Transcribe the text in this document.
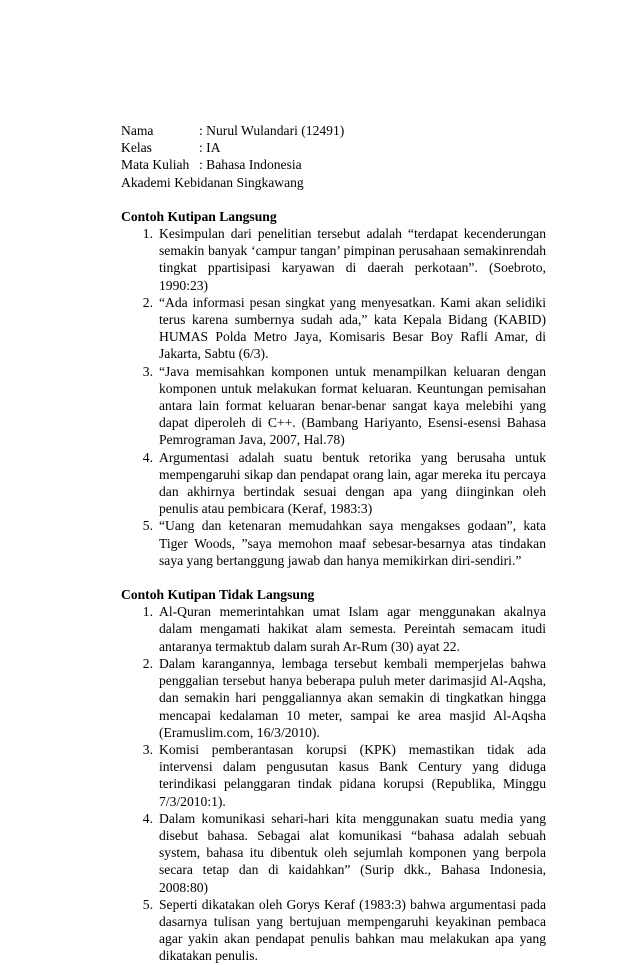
Nama	: Nurul Wulandari (12491)
Kelas	: IA
Mata Kuliah : Bahasa Indonesia
Akademi Kebidanan Singkawang
Contoh Kutipan Langsung
1. Kesimpulan dari penelitian tersebut adalah “terdapat kecenderungan semakin banyak ‘campur tangan’ pimpinan perusahaan semakinrendah tingkat ppartisipasi karyawan di daerah perkotaan”. (Soebroto, 1990:23)
2. “Ada informasi pesan singkat yang menyesatkan. Kami akan selidiki terus karena sumbernya sudah ada,” kata Kepala Bidang (KABID) HUMAS Polda Metro Jaya, Komisaris Besar Boy Rafli Amar, di Jakarta, Sabtu (6/3).
3. “Java memisahkan komponen untuk menampilkan keluaran dengan komponen untuk melakukan format keluaran. Keuntungan pemisahan antara lain format keluaran benar-benar sangat kaya melebihi yang dapat diperoleh di C++. (Bambang Hariyanto, Esensi-esensi Bahasa Pemrograman Java, 2007, Hal.78)
4. Argumentasi adalah suatu bentuk retorika yang berusaha untuk mempengaruhi sikap dan pendapat orang lain, agar mereka itu percaya dan akhirnya bertindak sesuai dengan apa yang diinginkan oleh penulis atau pembicara (Keraf, 1983:3)
5. “Uang dan ketenaran memudahkan saya mengakses godaan”, kata Tiger Woods, ”saya memohon maaf sebesar-besarnya atas tindakan saya yang bertanggung jawab dan hanya memikirkan diri-sendiri.”
Contoh Kutipan Tidak Langsung
1. Al-Quran memerintahkan umat Islam agar menggunakan akalnya dalam mengamati hakikat alam semesta. Pereintah semacam itudi antaranya termaktub dalam surah Ar-Rum (30) ayat 22.
2. Dalam karangannya, lembaga tersebut kembali memperjelas bahwa penggalian tersebut hanya beberapa puluh meter darimasjid Al-Aqsha, dan semakin hari penggaliannya akan semakin di tingkatkan hingga mencapai kedalaman 10 meter, sampai ke area masjid Al-Aqsha (Eramuslim.com, 16/3/2010).
3. Komisi pemberantasan korupsi (KPK) memastikan tidak ada intervensi dalam pengusutan kasus Bank Century yang diduga terindikasi pelanggaran tindak pidana korupsi (Republika, Minggu 7/3/2010:1).
4. Dalam komunikasi sehari-hari kita menggunakan suatu media yang disebut bahasa. Sebagai alat komunikasi “bahasa adalah sebuah system, bahasa itu dibentuk oleh sejumlah komponen yang berpola secara tetap dan di kaidahkan” (Surip dkk., Bahasa Indonesia, 2008:80)
5. Seperti dikatakan oleh Gorys Keraf (1983:3) bahwa argumentasi pada dasarnya tulisan yang bertujuan mempengaruhi keyakinan pembaca agar yakin akan pendapat penulis bahkan mau melakukan apa yang dikatakan penulis.
